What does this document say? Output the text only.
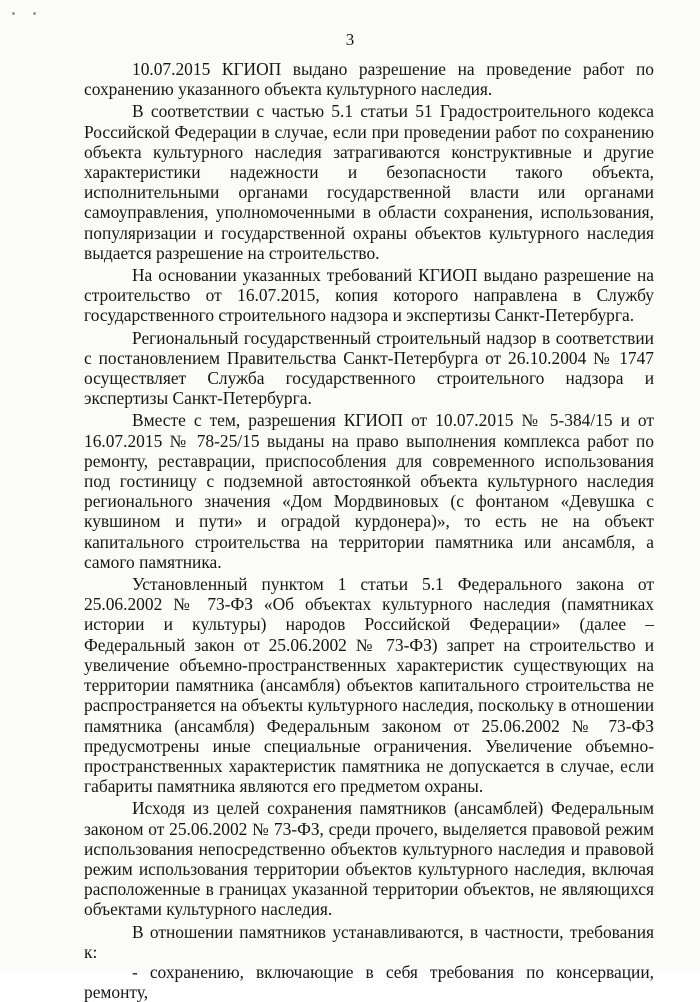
3

10.07.2015 КГИОП выдано разрешение на проведение работ по сохранению указанного объекта культурного наследия.

В соответствии с частью 5.1 статьи 51 Градостроительного кодекса Российской Федерации в случае, если при проведении работ по сохранению объекта культурного наследия затрагиваются конструктивные и другие характеристики надежности и безопасности такого объекта, исполнительными органами государственной власти или органами самоуправления, уполномоченными в области сохранения, использования, популяризации и государственной охраны объектов культурного наследия выдается разрешение на строительство.

На основании указанных требований КГИОП выдано разрешение на строительство от 16.07.2015, копия которого направлена в Службу государственного строительного надзора и экспертизы Санкт-Петербурга.

Региональный государственный строительный надзор в соответствии с постановлением Правительства Санкт-Петербурга от 26.10.2004 № 1747 осуществляет Служба государственного строительного надзора и экспертизы Санкт-Петербурга.

Вместе с тем, разрешения КГИОП от 10.07.2015 № 5-384/15 и от 16.07.2015 № 78-25/15 выданы на право выполнения комплекса работ по ремонту, реставрации, приспособления для современного использования под гостиницу с подземной автостоянкой объекта культурного наследия регионального значения «Дом Мордвиновых (с фонтаном «Девушка с кувшином и пути» и оградой курдонера)», то есть не на объект капитального строительства на территории памятника или ансамбля, а самого памятника.

Установленный пунктом 1 статьи 5.1 Федерального закона от 25.06.2002 № 73-ФЗ «Об объектах культурного наследия (памятниках истории и культуры) народов Российской Федерации» (далее – Федеральный закон от 25.06.2002 № 73-ФЗ) запрет на строительство и увеличение объемно-пространственных характеристик существующих на территории памятника (ансамбля) объектов капитального строительства не распространяется на объекты культурного наследия, поскольку в отношении памятника (ансамбля) Федеральным законом от 25.06.2002 № 73-ФЗ предусмотрены иные специальные ограничения. Увеличение объемно-пространственных характеристик памятника не допускается в случае, если габариты памятника являются его предметом охраны.

Исходя из целей сохранения памятников (ансамблей) Федеральным законом от 25.06.2002 № 73-ФЗ, среди прочего, выделяется правовой режим использования непосредственно объектов культурного наследия и правовой режим использования территории объектов культурного наследия, включая расположенные в границах указанной территории объектов, не являющихся объектами культурного наследия.

В отношении памятников устанавливаются, в частности, требования к:

- сохранению, включающие в себя требования по консервации, ремонту,
